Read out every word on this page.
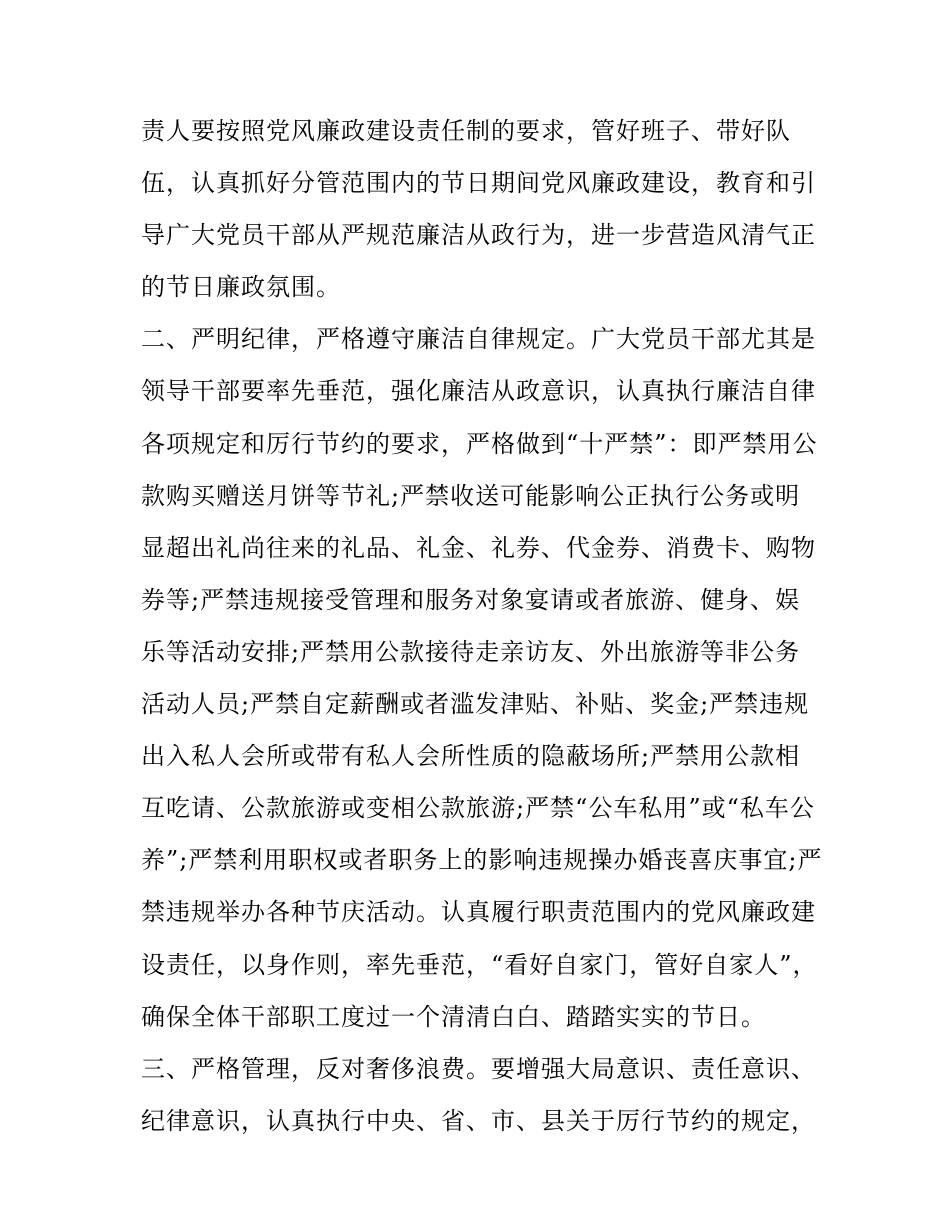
责人要按照党风廉政建设责任制的要求，管好班子、带好队
伍，认真抓好分管范围内的节日期间党风廉政建设，教育和引
导广大党员干部从严规范廉洁从政行为，进一步营造风清气正
的节日廉政氛围。
二、严明纪律，严格遵守廉洁自律规定。广大党员干部尤其是
领导干部要率先垂范，强化廉洁从政意识，认真执行廉洁自律
各项规定和厉行节约的要求，严格做到“十严禁”：即严禁用公
款购买赠送月饼等节礼;严禁收送可能影响公正执行公务或明
显超出礼尚往来的礼品、礼金、礼券、代金券、消费卡、购物
券等;严禁违规接受管理和服务对象宴请或者旅游、健身、娱
乐等活动安排;严禁用公款接待走亲访友、外出旅游等非公务
活动人员;严禁自定薪酬或者滥发津贴、补贴、奖金;严禁违规
出入私人会所或带有私人会所性质的隐蔽场所;严禁用公款相
互吃请、公款旅游或变相公款旅游;严禁“公车私用”或“私车公
养”;严禁利用职权或者职务上的影响违规操办婚丧喜庆事宜;严
禁违规举办各种节庆活动。认真履行职责范围内的党风廉政建
设责任，以身作则，率先垂范，“看好自家门，管好自家人”，
确保全体干部职工度过一个清清白白、踏踏实实的节日。
三、严格管理，反对奢侈浪费。要增强大局意识、责任意识、
纪律意识，认真执行中央、省、市、县关于厉行节约的规定，
